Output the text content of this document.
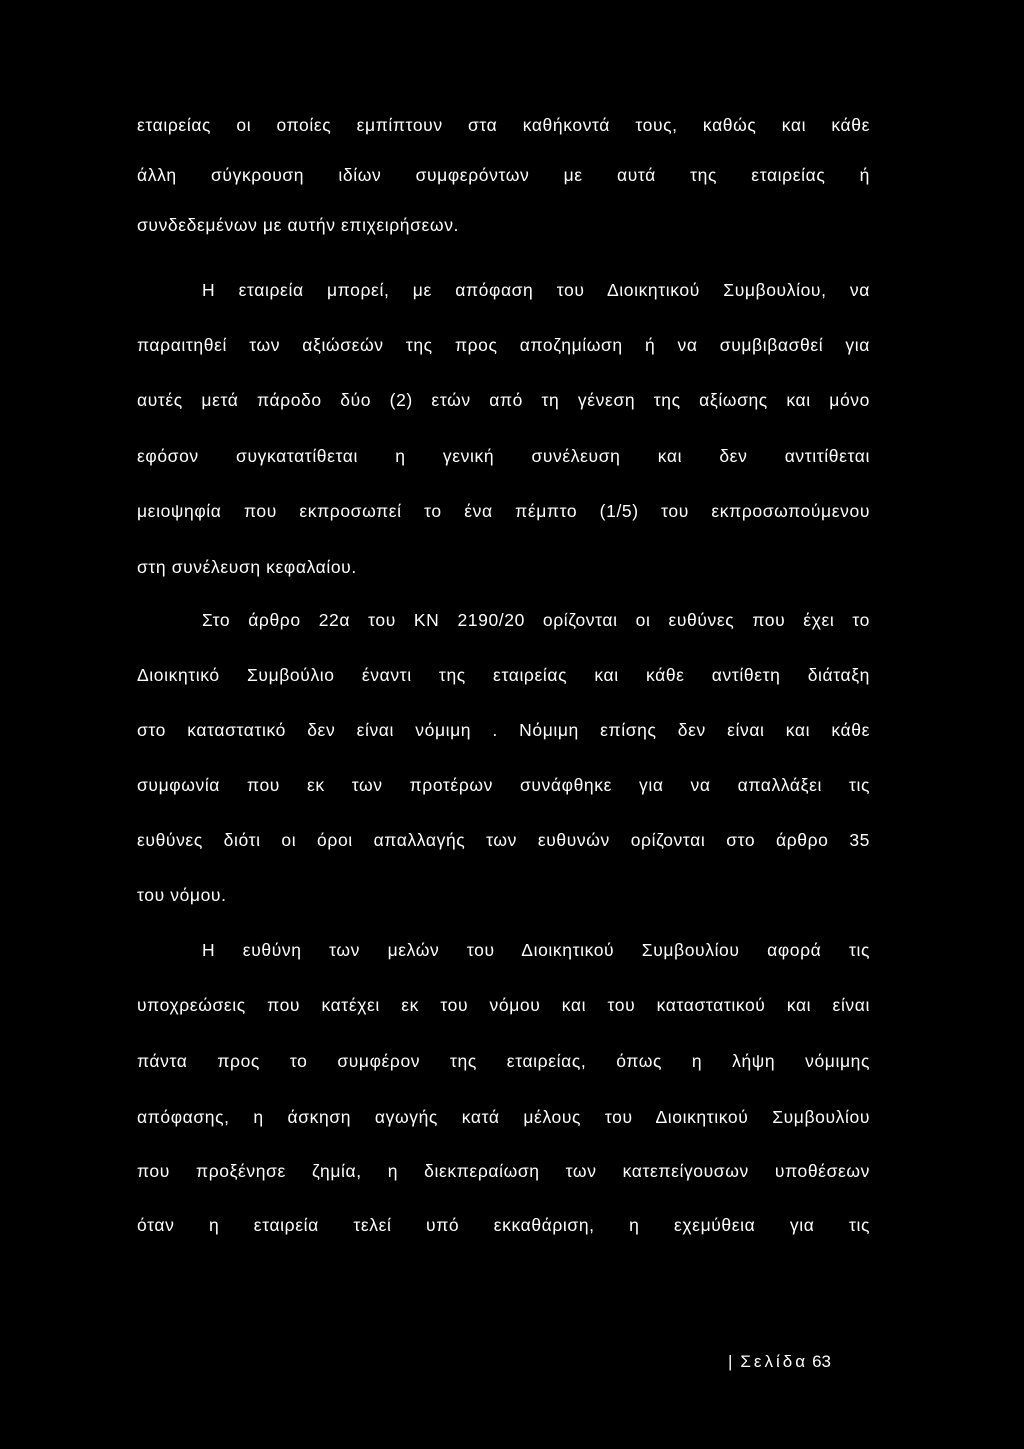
εταιρείας οι οποίες εμπίπτουν στα καθήκοντά τους, καθώς και κάθε
άλλη σύγκρουση ιδίων συμφερόντων με αυτά της εταιρείας ή
συνδεδεμένων με αυτήν επιχειρήσεων.
Η εταιρεία μπορεί, με απόφαση του Διοικητικού Συμβουλίου, να
παραιτηθεί των αξιώσεών της προς αποζημίωση ή να συμβιβασθεί για
αυτές μετά πάροδο δύο (2) ετών από τη γένεση της αξίωσης και μόνο
εφόσον συγκατατίθεται η γενική συνέλευση και δεν αντιτίθεται
μειοψηφία που εκπροσωπεί το ένα πέμπτο (1/5) του εκπροσωπούμενου
στη συνέλευση κεφαλαίου.
Στο άρθρο 22α του ΚΝ 2190/20 ορίζονται οι ευθύνες που έχει το
Διοικητικό Συμβούλιο έναντι της εταιρείας και κάθε αντίθετη διάταξη
στο καταστατικό δεν είναι νόμιμη . Νόμιμη επίσης δεν είναι και κάθε
συμφωνία που εκ των προτέρων συνάφθηκε για να απαλλάξει τις
ευθύνες διότι οι όροι απαλλαγής των ευθυνών ορίζονται στο άρθρο 35
του νόμου.
Η ευθύνη των μελών του Διοικητικού Συμβουλίου αφορά τις
υποχρεώσεις που κατέχει εκ του νόμου και του καταστατικού και είναι
πάντα προς το συμφέρον της εταιρείας, όπως η λήψη νόμιμης
απόφασης, η άσκηση αγωγής κατά μέλους του Διοικητικού Συμβουλίου
που προξένησε ζημία, η διεκπεραίωση των κατεπείγουσων υποθέσεων
όταν η εταιρεία τελεί υπό εκκαθάριση, η εχεμύθεια για τις
| Σελίδα 63
